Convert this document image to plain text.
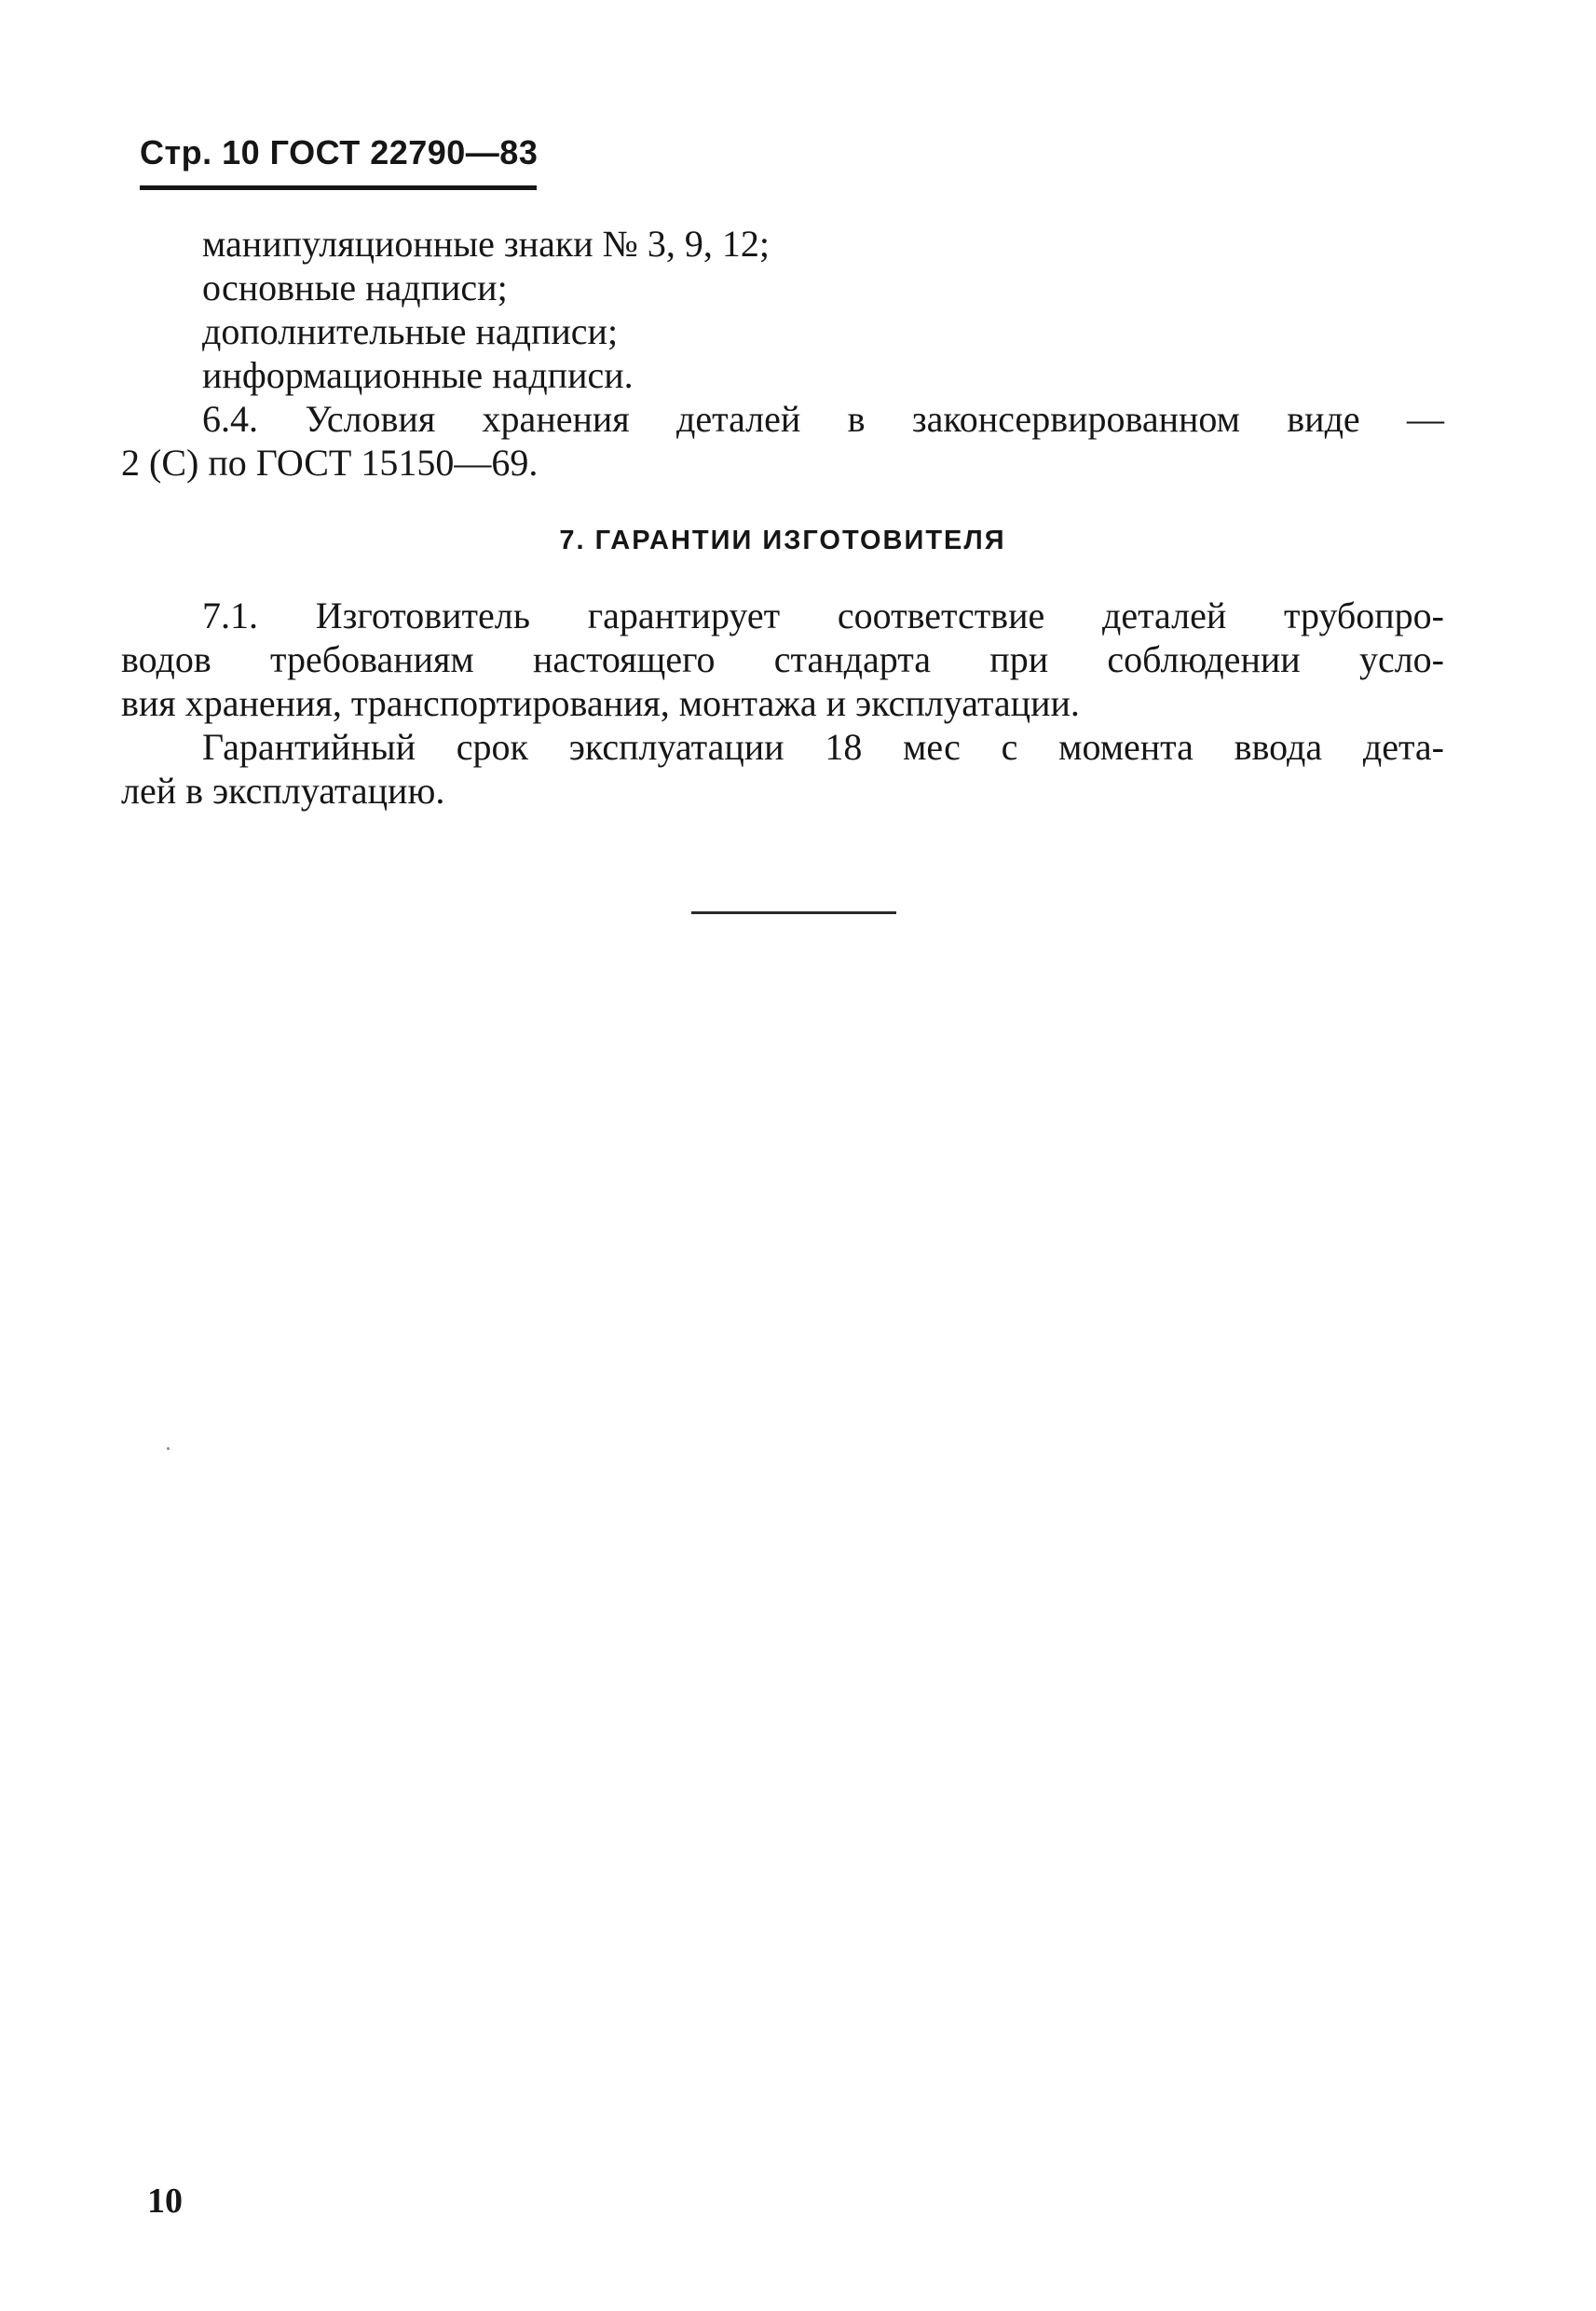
Стр. 10 ГОСТ 22790—83
манипуляционные знаки № 3, 9, 12;
основные надписи;
дополнительные надписи;
информационные надписи.
6.4. Условия хранения деталей в законсервированном виде —
2 (С) по ГОСТ 15150—69.
7. ГАРАНТИИ ИЗГОТОВИТЕЛЯ
7.1. Изготовитель гарантирует соответствие деталей трубопро-
водов требованиям настоящего стандарта при соблюдении усло-
вия хранения, транспортирования, монтажа и эксплуатации.
Гарантийный срок эксплуатации 18 мес с момента ввода дета-
лей в эксплуатацию.
10
